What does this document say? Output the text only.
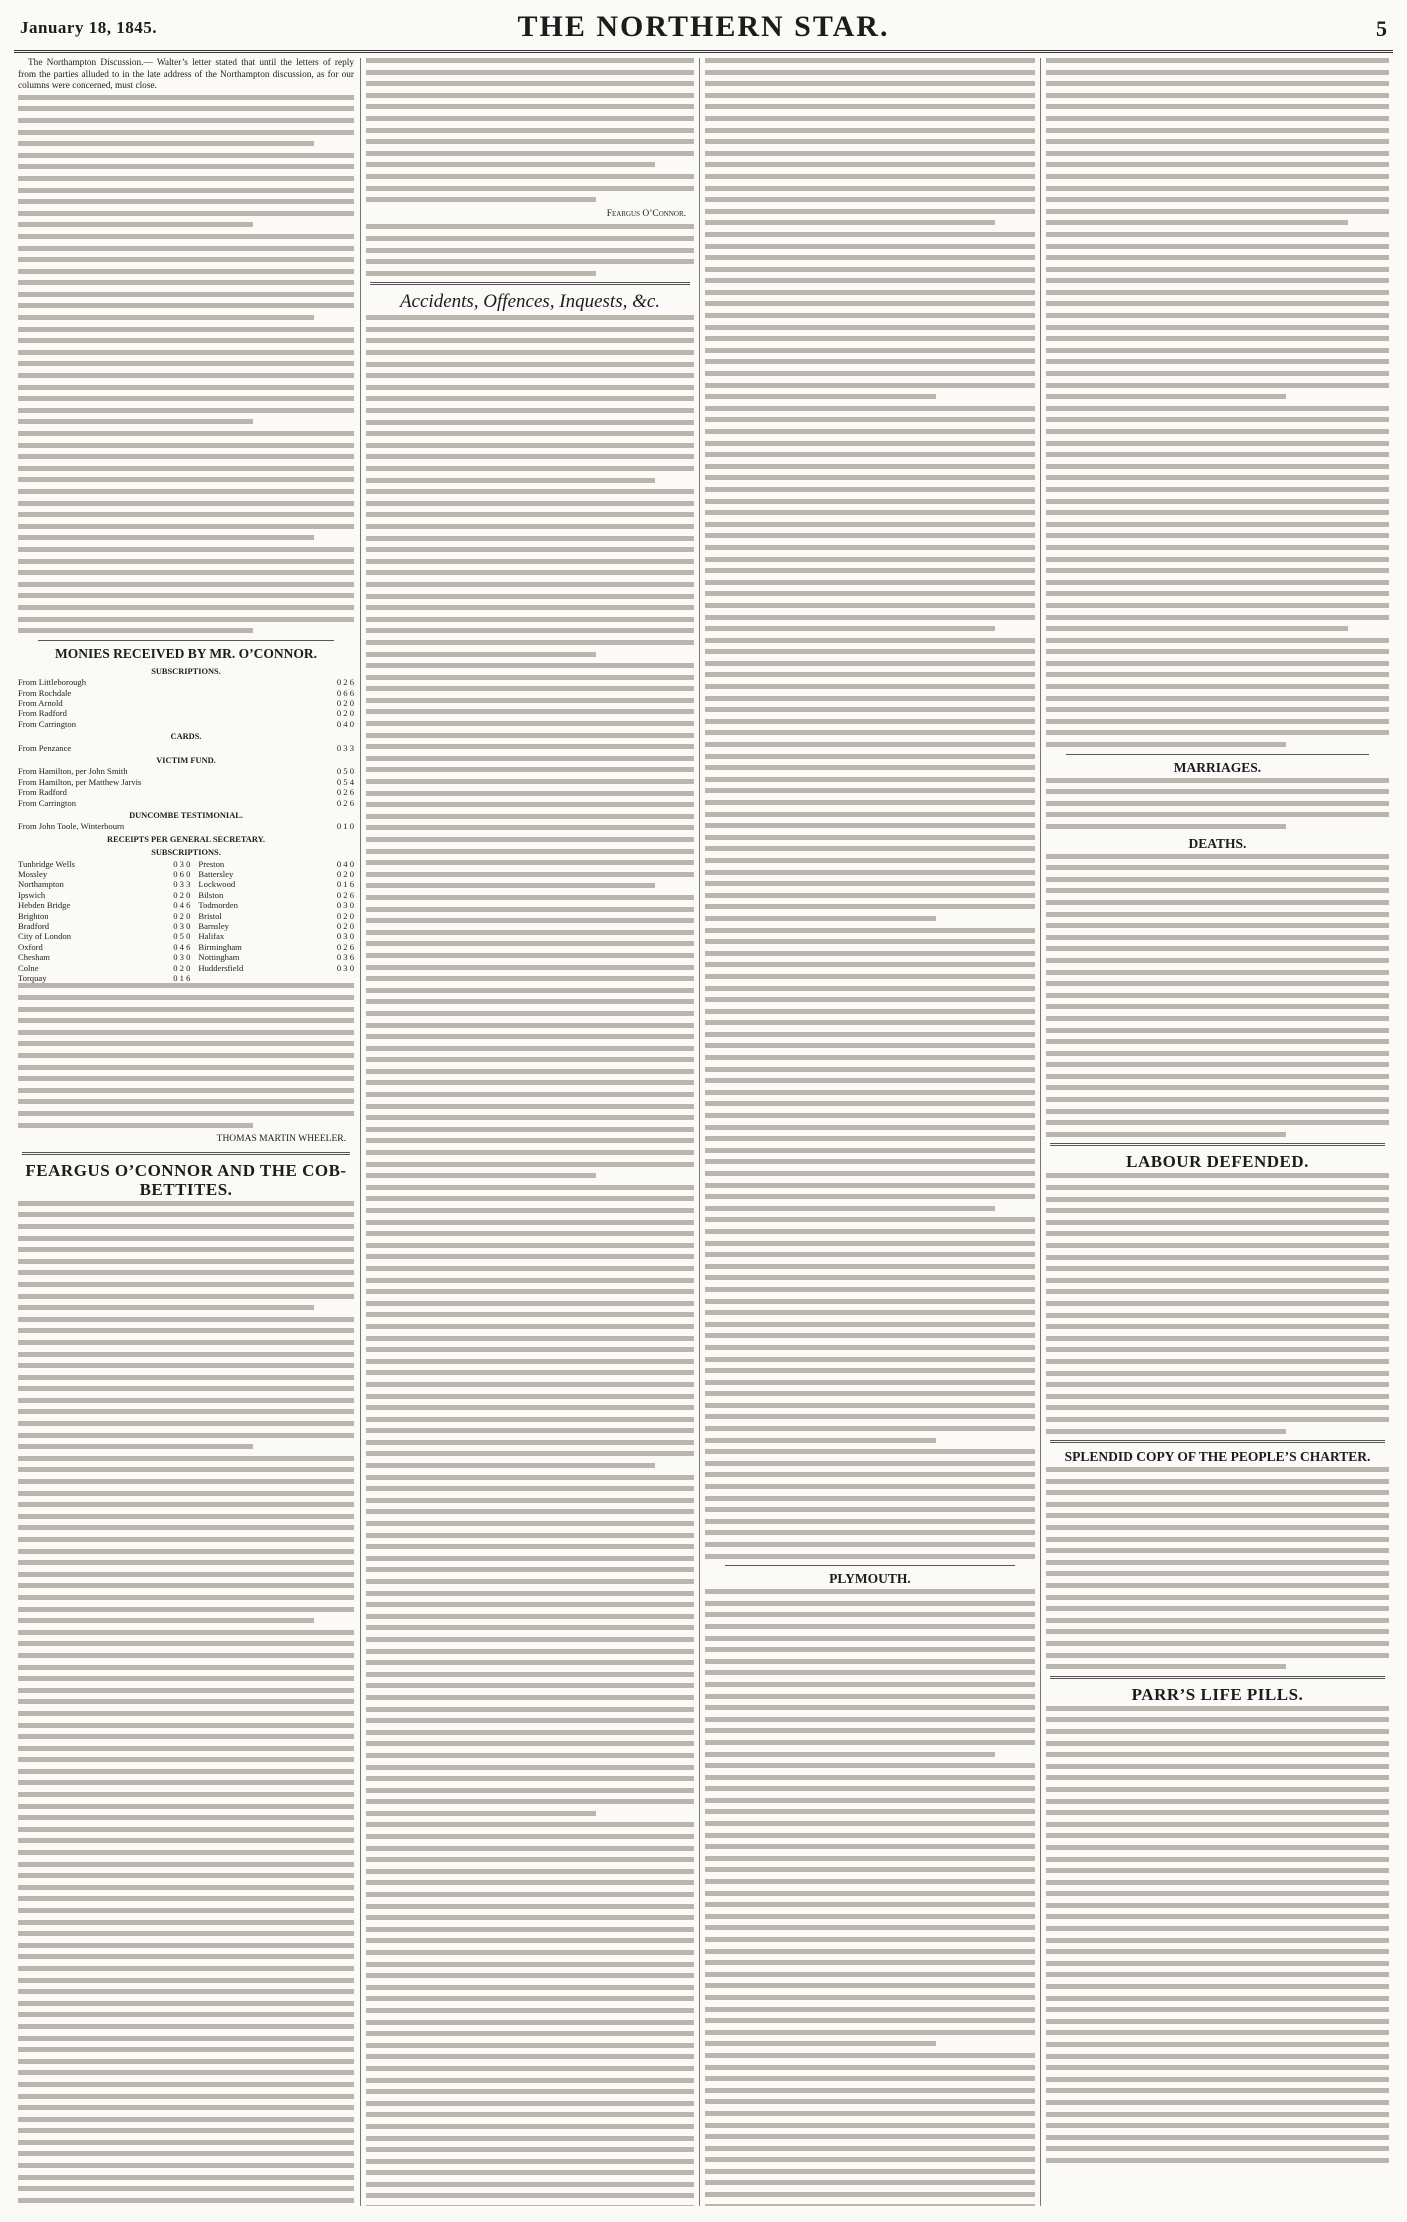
January 18, 1845.	THE NORTHERN STAR.	5

The Northampton Discussion.— Walter’s letter stated that until the letters of reply from the parties alluded to in the late address of the Northampton discussion, as for our columns were concerned, must close.

MONIES RECEIVED BY MR. O’CONNOR.
SUBSCRIPTIONS.	
From Littleborough	0 2 6
From Rochdale	0 6 6
From Arnold	0 2 0
From Radford	0 2 0
From Carrington	0 4 0
CARDS.	
From Penzance	0 3 3
VICTIM FUND.	
From Hamilton, per John Smith	0 5 0
From Hamilton, per Matthew Jarvis	0 5 4
From Radford	0 2 6
From Carrington	0 2 6
DUNCOMBE TESTIMONIAL.	
From John Toole, Winterbourn	0 1 0
RECEIPTS PER GENERAL SECRETARY.	
SUBSCRIPTIONS.	
Tunbridge Wells	0 3 0	Preston	0 4 0
Mossley	0 6 0	Battersley	0 2 0
Northampton	0 3 3	Lockwood	0 1 6
Ipswich	0 2 0	Bilston	0 2 6
Hebden Bridge	0 4 6	Todmorden	0 3 0
Brighton	0 2 0	Bristol	0 2 0
Bradford	0 3 0	Barnsley	0 2 0
City of London	0 5 0	Halifax	0 3 0
Oxford	0 4 6	Birmingham	0 2 6
Chesham	0 3 0	Nottingham	0 3 6
Colne	0 2 0	Huddersfield	0 3 0
Torquay	0 1 6		

THOMAS MARTIN WHEELER.

FEARGUS O’CONNOR AND THE COB-BETTITES.

Feargus O’Connor.

Accidents, Offences, Inquests, &c.
PLYMOUTH.
MARRIAGES.
DEATHS.
LABOUR DEFENDED.
SPLENDID COPY OF THE PEOPLE’S CHARTER.
PARR’S LIFE PILLS.
